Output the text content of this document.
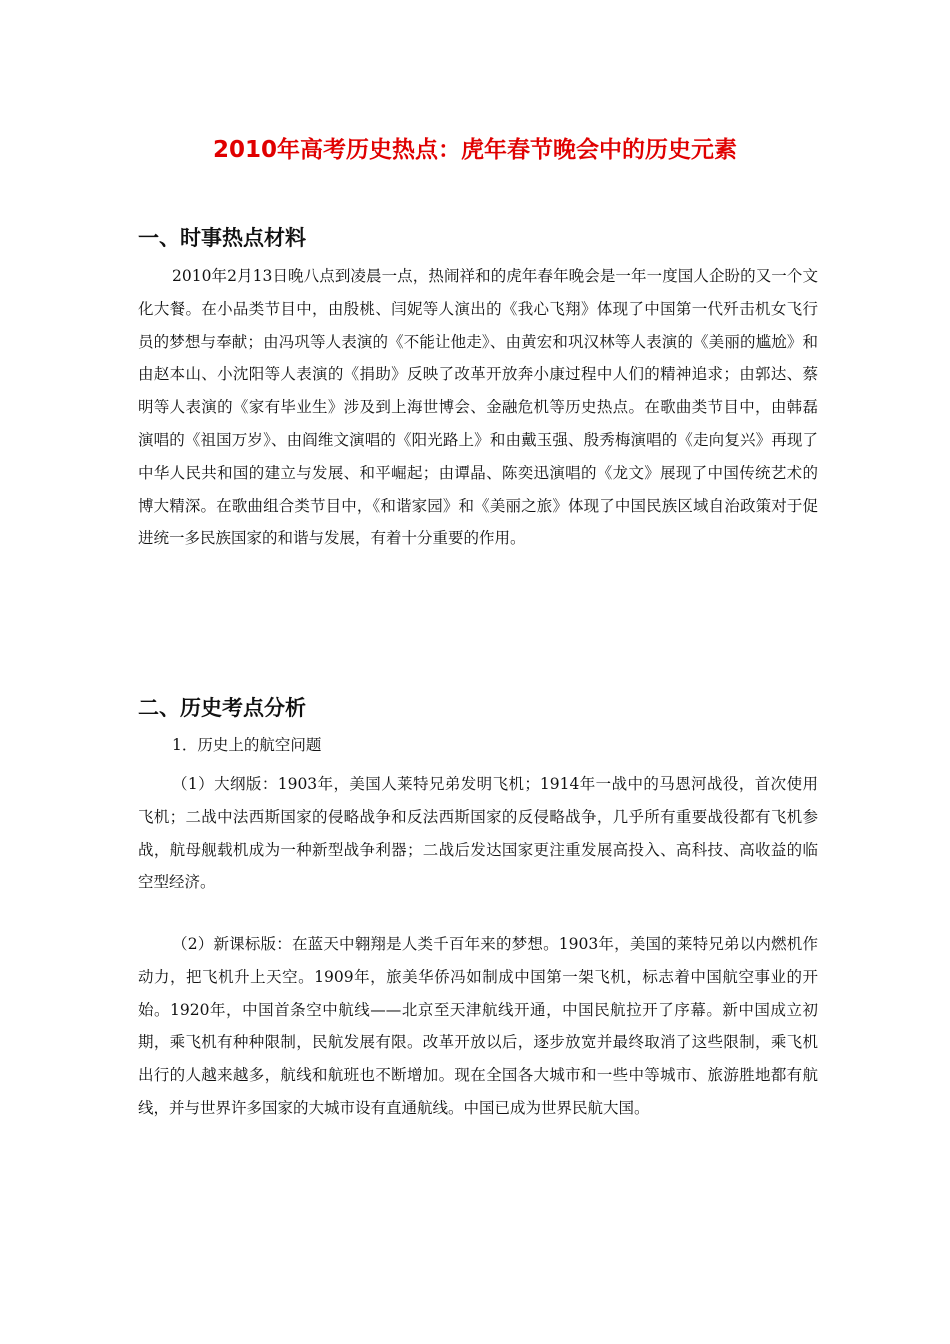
2010年高考历史热点：虎年春节晚会中的历史元素
一、时事热点材料

2010年2月13日晚八点到凌晨一点，热闹祥和的虎年春年晚会是一年一度国人企盼的又一个文化大餐。在小品类节目中，由殷桃、闫妮等人演出的《我心飞翔》体现了中国第一代歼击机女飞行员的梦想与奉献；由冯巩等人表演的《不能让他走》、由黄宏和巩汉林等人表演的《美丽的尴尬》和由赵本山、小沈阳等人表演的《捐助》反映了改革开放奔小康过程中人们的精神追求；由郭达、蔡明等人表演的《家有毕业生》涉及到上海世博会、金融危机等历史热点。在歌曲类节目中，由韩磊演唱的《祖国万岁》、由阎维文演唱的《阳光路上》和由戴玉强、殷秀梅演唱的《走向复兴》再现了中华人民共和国的建立与发展、和平崛起；由谭晶、陈奕迅演唱的《龙文》展现了中国传统艺术的博大精深。在歌曲组合类节目中，《和谐家园》和《美丽之旅》体现了中国民族区域自治政策对于促进统一多民族国家的和谐与发展，有着十分重要的作用。

二、历史考点分析

1．历史上的航空问题

（1）大纲版：1903年，美国人莱特兄弟发明飞机；1914年一战中的马恩河战役，首次使用飞机；二战中法西斯国家的侵略战争和反法西斯国家的反侵略战争，几乎所有重要战役都有飞机参战，航母舰载机成为一种新型战争利器；二战后发达国家更注重发展高投入、高科技、高收益的临空型经济。

（2）新课标版：在蓝天中翱翔是人类千百年来的梦想。1903年，美国的莱特兄弟以内燃机作动力，把飞机升上天空。1909年，旅美华侨冯如制成中国第一架飞机，标志着中国航空事业的开始。1920年，中国首条空中航线——北京至天津航线开通，中国民航拉开了序幕。新中国成立初期，乘飞机有种种限制，民航发展有限。改革开放以后，逐步放宽并最终取消了这些限制，乘飞机出行的人越来越多，航线和航班也不断增加。现在全国各大城市和一些中等城市、旅游胜地都有航线，并与世界许多国家的大城市设有直通航线。中国已成为世界民航大国。
